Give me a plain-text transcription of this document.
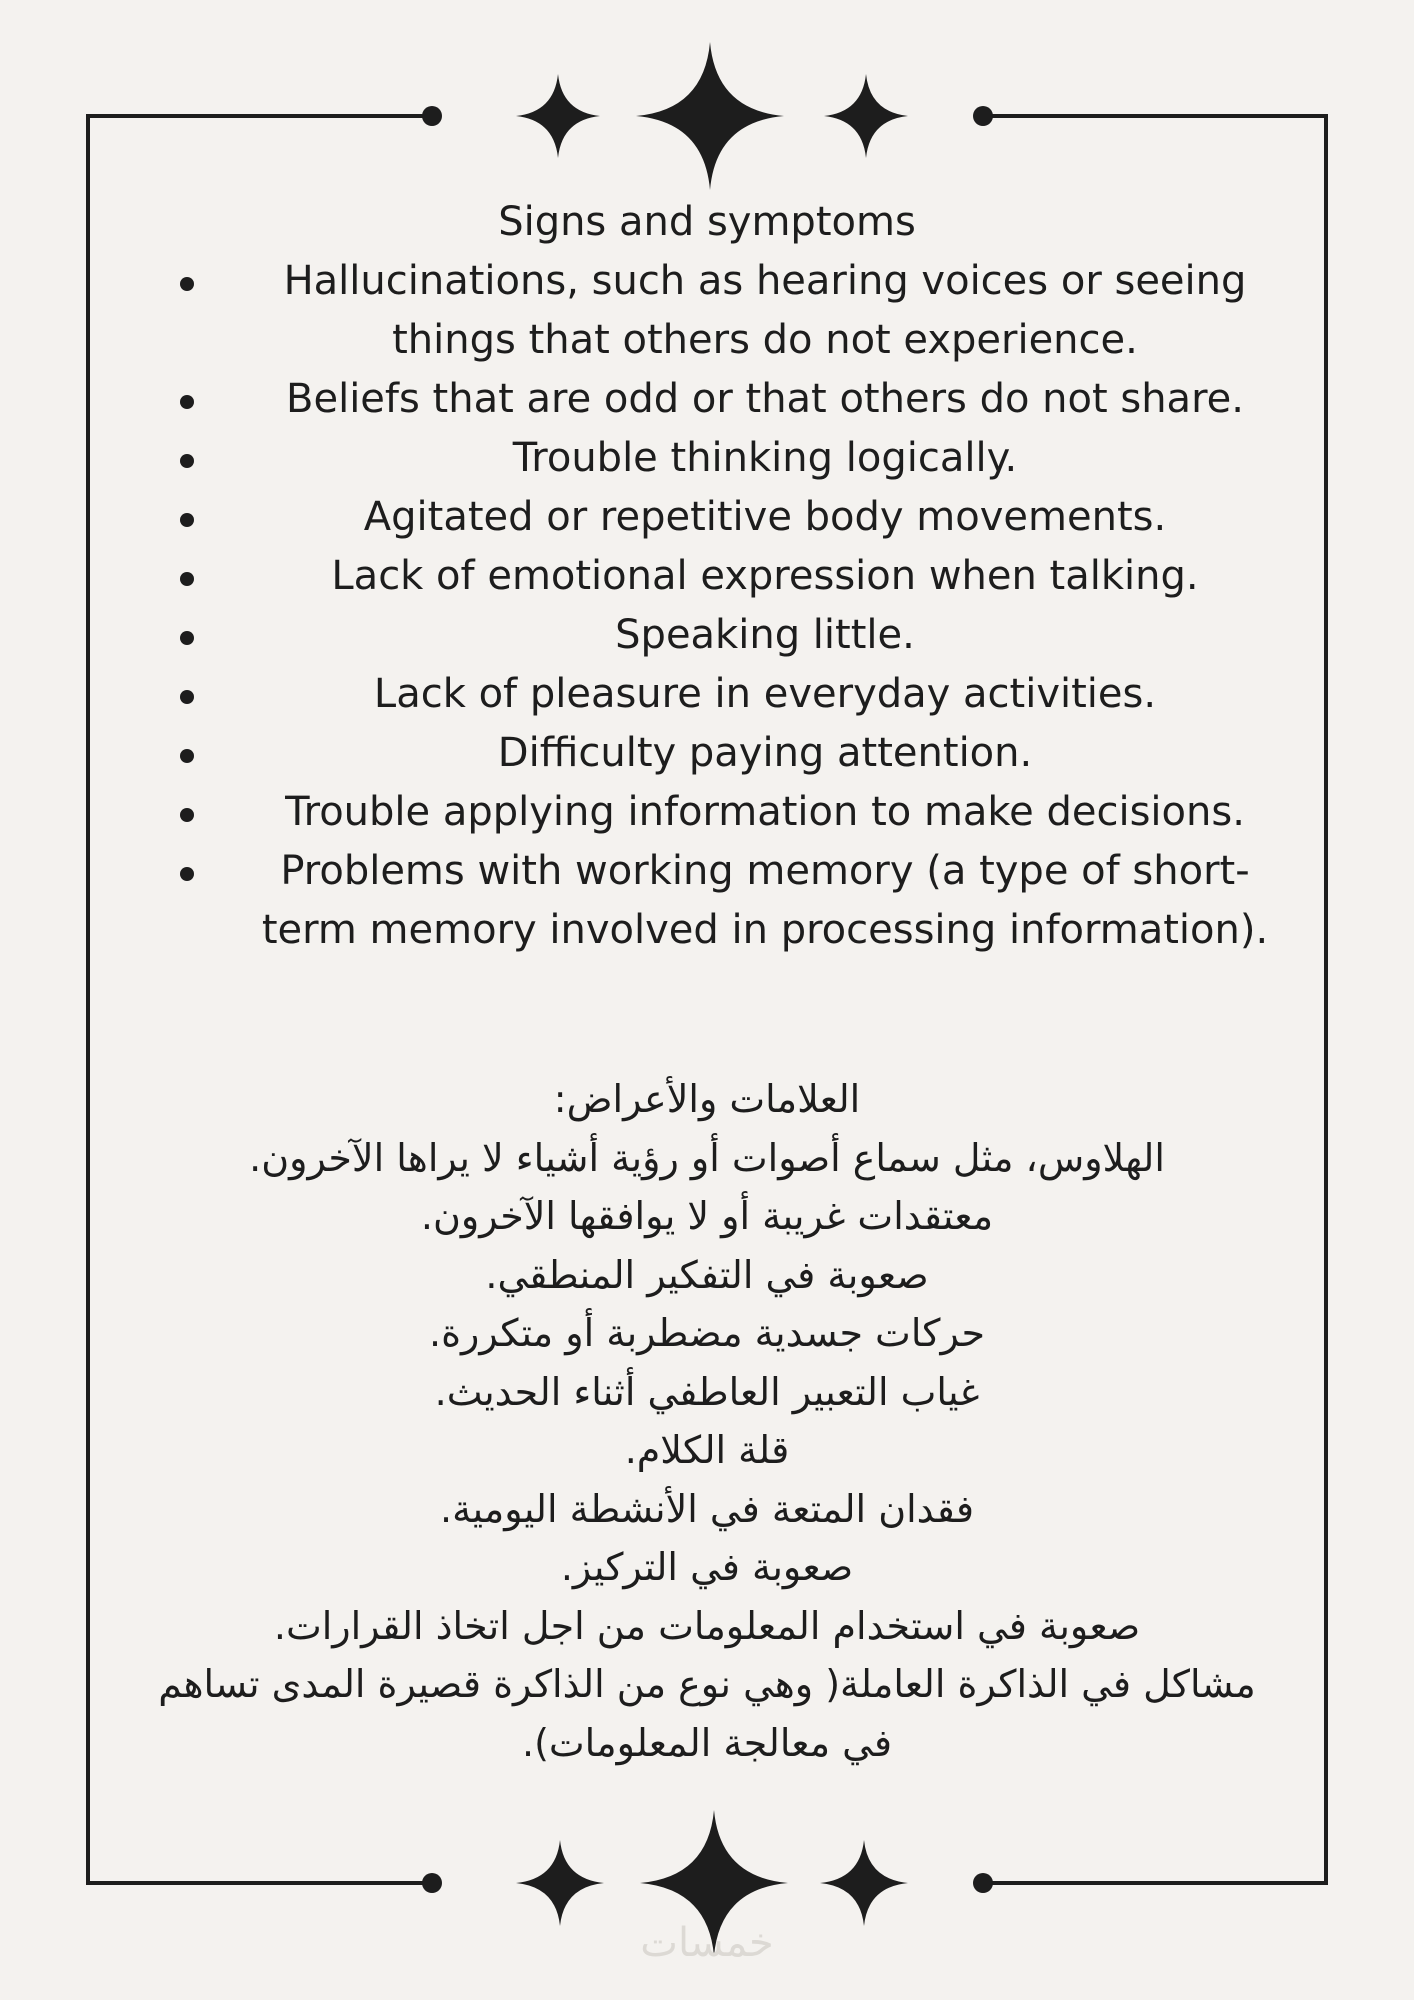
Signs and symptoms
Hallucinations, such as hearing voices or seeing things that others do not experience.
Beliefs that are odd or that others do not share.
Trouble thinking logically.
Agitated or repetitive body movements.
Lack of emotional expression when talking.
Speaking little.
Lack of pleasure in everyday activities.
Difficulty paying attention.
Trouble applying information to make decisions.
Problems with working memory (a type of short-term memory involved in processing information).
العلامات والأعراض:

الهلاوس، مثل سماع أصوات أو رؤية أشياء لا يراها الآخرون.

معتقدات غريبة أو لا يوافقها الآخرون.

صعوبة في التفكير المنطقي.

حركات جسدية مضطربة أو متكررة.

غياب التعبير العاطفي أثناء الحديث.

قلة الكلام.

فقدان المتعة في الأنشطة اليومية.

صعوبة في التركيز.

صعوبة في استخدام المعلومات من اجل اتخاذ القرارات.

مشاكل في الذاكرة العاملة( وهي نوع من الذاكرة قصيرة المدى تساهم في معالجة المعلومات).

خمسات
